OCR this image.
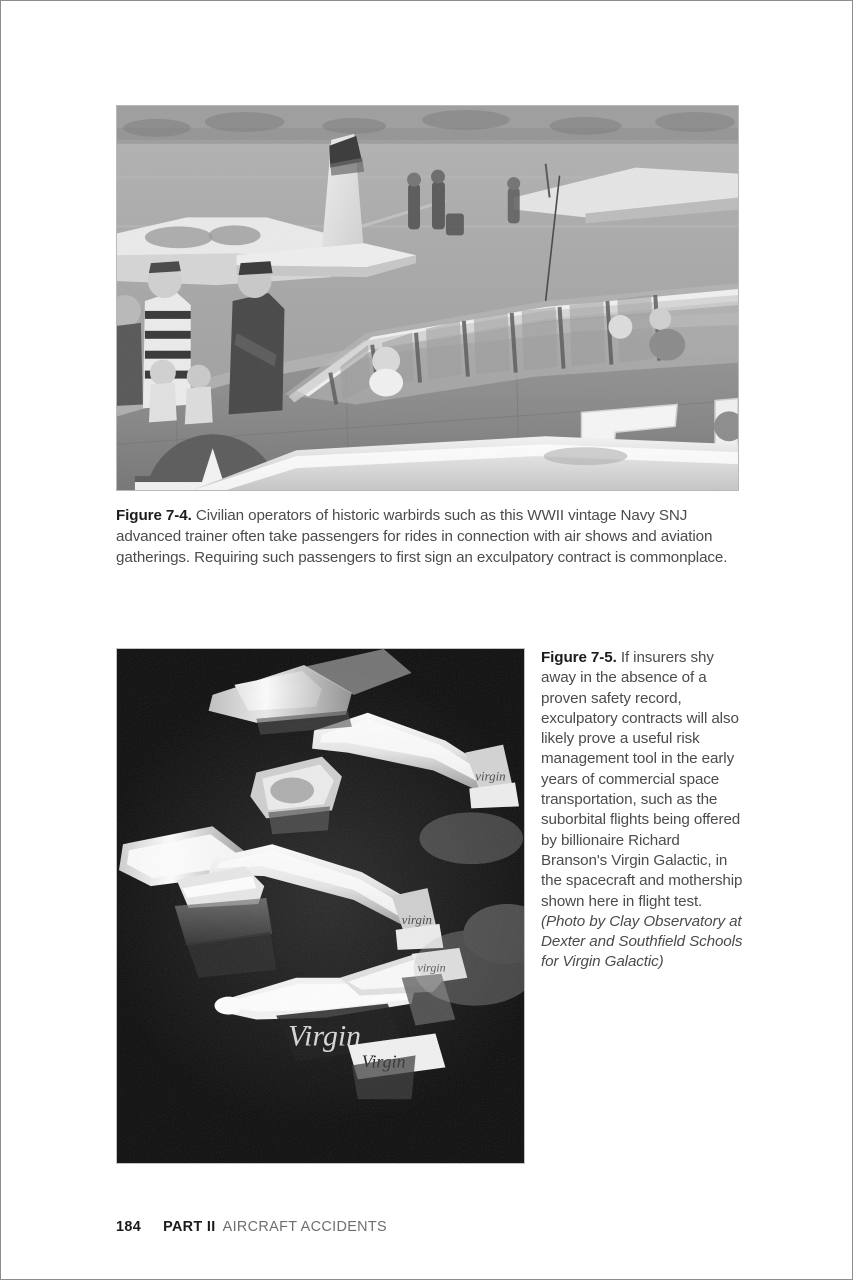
Figure 7-4. Civilian operators of historic warbirds such as this WWII vintage Navy SNJ advanced trainer often take passengers for rides in connection with air shows and aviation gatherings. Requiring such passengers to first sign an exculpatory contract is commonplace.
Figure 7-5. If insurers shy away in the absence of a proven safety record, exculpatory contracts will also likely prove a useful risk management tool in the early years of commercial space transportation, such as the suborbital flights being offered by billionaire Richard Branson's Virgin Galactic, in the spacecraft and mothership shown here in flight test. (Photo by Clay Observatory at Dexter and Southfield Schools for Virgin Galactic)
184 PART II AIRCRAFT ACCIDENTS
